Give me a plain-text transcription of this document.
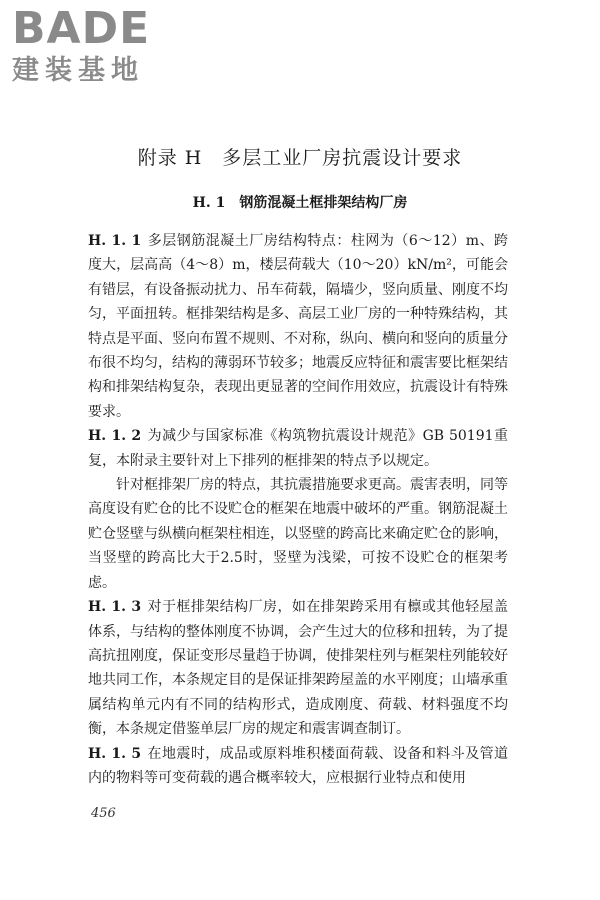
BADE
建装基地
附录 H　多层工业厂房抗震设计要求
H. 1　钢筋混凝土框排架结构厂房

H. 1. 1 多层钢筋混凝土厂房结构特点：柱网为（6～12）m、跨度大，层高高（4～8）m，楼层荷载大（10～20）kN/m²，可能会有错层，有设备振动扰力、吊车荷载，隔墙少，竖向质量、刚度不均匀，平面扭转。框排架结构是多、高层工业厂房的一种特殊结构，其特点是平面、竖向布置不规则、不对称，纵向、横向和竖向的质量分布很不均匀，结构的薄弱环节较多；地震反应特征和震害要比框架结构和排架结构复杂，表现出更显著的空间作用效应，抗震设计有特殊要求。

H. 1. 2 为减少与国家标准《构筑物抗震设计规范》GB 50191重复，本附录主要针对上下排列的框排架的特点予以规定。

针对框排架厂房的特点，其抗震措施要求更高。震害表明，同等高度设有贮仓的比不设贮仓的框架在地震中破坏的严重。钢筋混凝土贮仓竖壁与纵横向框架柱相连，以竖壁的跨高比来确定贮仓的影响，当竖壁的跨高比大于2.5时，竖壁为浅梁，可按不设贮仓的框架考虑。

H. 1. 3 对于框排架结构厂房，如在排架跨采用有檩或其他轻屋盖体系，与结构的整体刚度不协调，会产生过大的位移和扭转，为了提高抗扭刚度，保证变形尽量趋于协调，使排架柱列与框架柱列能较好地共同工作，本条规定目的是保证排架跨屋盖的水平刚度；山墙承重属结构单元内有不同的结构形式，造成刚度、荷载、材料强度不均衡，本条规定借鉴单层厂房的规定和震害调查制订。

H. 1. 5 在地震时，成品或原料堆积楼面荷载、设备和料斗及管道内的物料等可变荷载的遇合概率较大，应根据行业特点和使用

456
